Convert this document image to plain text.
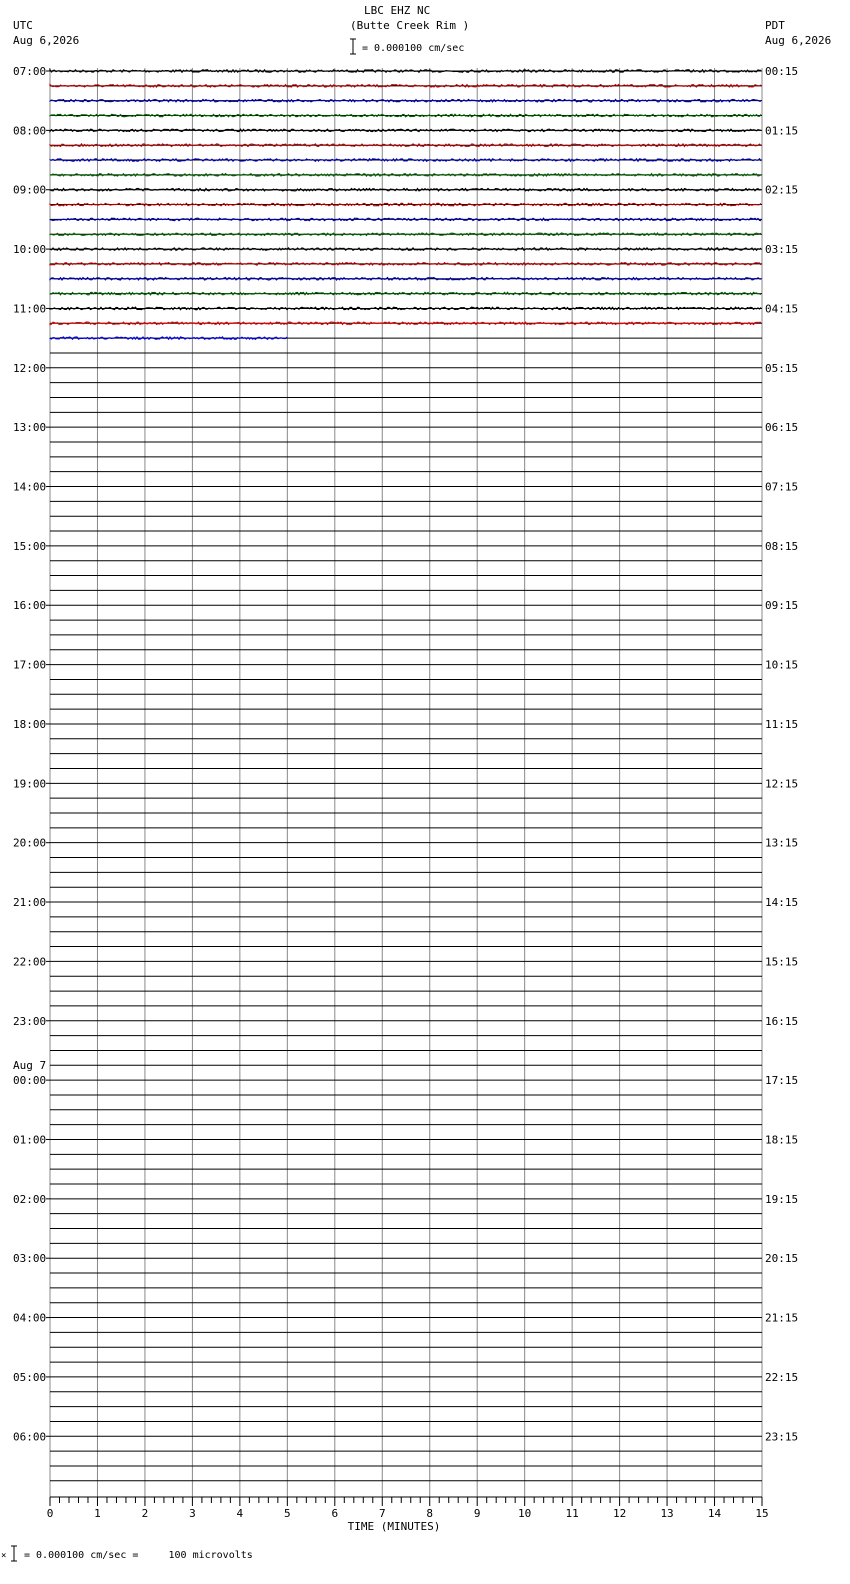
LBC EHZ NC
(Butte Creek Rim )
= 0.000100 cm/sec
UTC
Aug 6,2026
PDT
Aug 6,2026
0	1	2	3	4	5	6	7	8	9	10	11	12	13	14	15
TIME (MINUTES)
07:00
08:00
09:00
10:00
11:00
12:00
13:00
14:00
15:00
16:00
17:00
18:00
19:00
20:00
21:00
22:00
23:00
00:00
Aug 7
01:00
02:00
03:00
04:00
05:00
06:00
00:15
01:15
02:15
03:15
04:15
05:15
06:15
07:15
08:15
09:15
10:15
11:15
12:15
13:15
14:15
15:15
16:15
17:15
18:15
19:15
20:15
21:15
22:15
23:15
× = 0.000100 cm/sec =     100 microvolts
